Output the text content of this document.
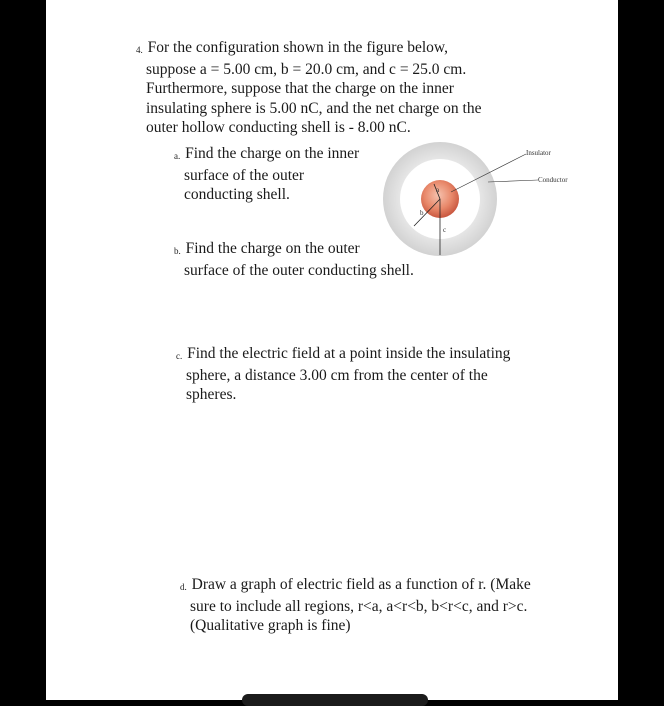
4. For the configuration shown in the figure below,
suppose a = 5.00 cm, b = 20.0 cm, and c = 25.0 cm.
Furthermore, suppose that the charge on the inner
insulating sphere is 5.00 nC, and the net charge on the
outer hollow conducting shell is - 8.00 nC.
a. Find the charge on the inner
surface of the outer
conducting shell.
b. Find the charge on the outer
surface of the outer conducting shell.
c. Find the electric field at a point inside the insulating
sphere, a distance 3.00 cm from the center of the
spheres.
d. Draw a graph of electric field as a function of r. (Make
sure to include all regions, r<a, a<r<b, b<r<c, and r>c.
(Qualitative graph is fine)
a
b
c
Insulator
Conductor
